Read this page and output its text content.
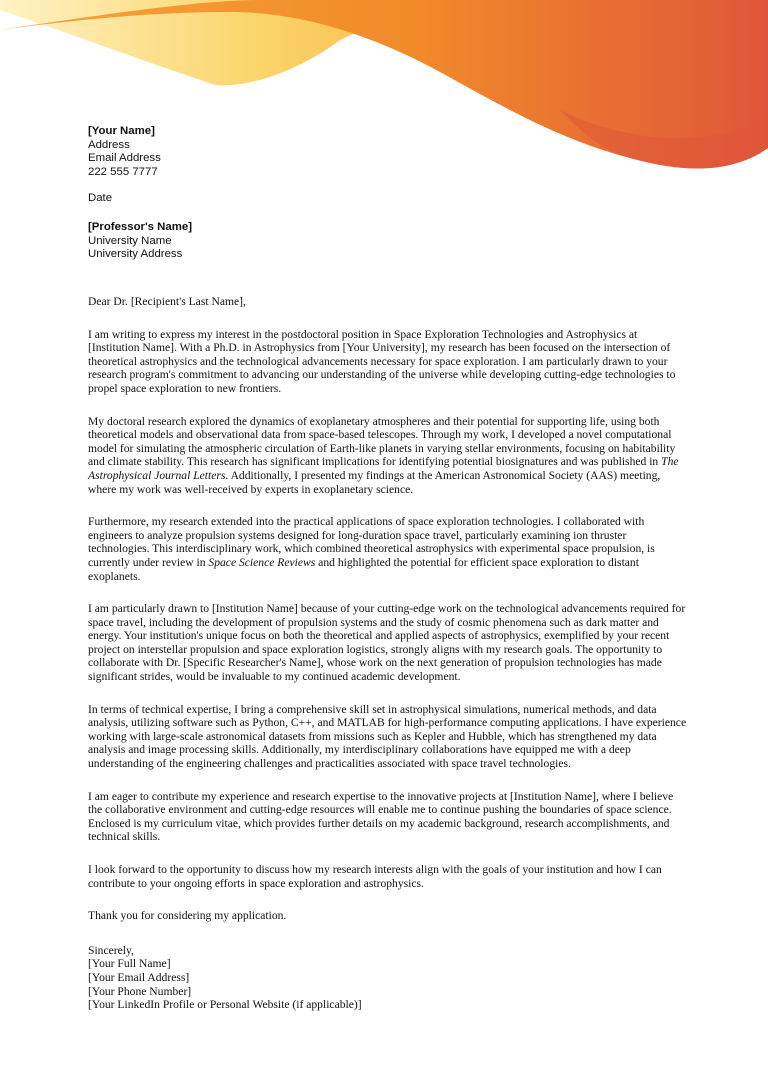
[Your Name]
Address
Email Address
222 555 7777
Date
[Professor's Name]
University Name
University Address

Dear Dr. [Recipient's Last Name],

I am writing to express my interest in the postdoctoral position in Space Exploration Technologies and Astrophysics at [Institution Name]. With a Ph.D. in Astrophysics from [Your University], my research has been focused on the intersection of theoretical astrophysics and the technological advancements necessary for space exploration. I am particularly drawn to your research program's commitment to advancing our understanding of the universe while developing cutting-edge technologies to propel space exploration to new frontiers.

My doctoral research explored the dynamics of exoplanetary atmospheres and their potential for supporting life, using both theoretical models and observational data from space-based telescopes. Through my work, I developed a novel computational model for simulating the atmospheric circulation of Earth-like planets in varying stellar environments, focusing on habitability and climate stability. This research has significant implications for identifying potential biosignatures and was published in The Astrophysical Journal Letters. Additionally, I presented my findings at the American Astronomical Society (AAS) meeting, where my work was well-received by experts in exoplanetary science.

Furthermore, my research extended into the practical applications of space exploration technologies. I collaborated with engineers to analyze propulsion systems designed for long-duration space travel, particularly examining ion thruster technologies. This interdisciplinary work, which combined theoretical astrophysics with experimental space propulsion, is currently under review in Space Science Reviews and highlighted the potential for efficient space exploration to distant exoplanets.

I am particularly drawn to [Institution Name] because of your cutting-edge work on the technological advancements required for space travel, including the development of propulsion systems and the study of cosmic phenomena such as dark matter and energy. Your institution's unique focus on both the theoretical and applied aspects of astrophysics, exemplified by your recent project on interstellar propulsion and space exploration logistics, strongly aligns with my research goals. The opportunity to collaborate with Dr. [Specific Researcher's Name], whose work on the next generation of propulsion technologies has made significant strides, would be invaluable to my continued academic development.

In terms of technical expertise, I bring a comprehensive skill set in astrophysical simulations, numerical methods, and data analysis, utilizing software such as Python, C++, and MATLAB for high-performance computing applications. I have experience working with large-scale astronomical datasets from missions such as Kepler and Hubble, which has strengthened my data analysis and image processing skills. Additionally, my interdisciplinary collaborations have equipped me with a deep understanding of the engineering challenges and practicalities associated with space travel technologies.

I am eager to contribute my experience and research expertise to the innovative projects at [Institution Name], where I believe the collaborative environment and cutting-edge resources will enable me to continue pushing the boundaries of space science. Enclosed is my curriculum vitae, which provides further details on my academic background, research accomplishments, and technical skills.

I look forward to the opportunity to discuss how my research interests align with the goals of your institution and how I can contribute to your ongoing efforts in space exploration and astrophysics.

Thank you for considering my application.

Sincerely,
[Your Full Name]
[Your Email Address]
[Your Phone Number]
[Your LinkedIn Profile or Personal Website (if applicable)]
